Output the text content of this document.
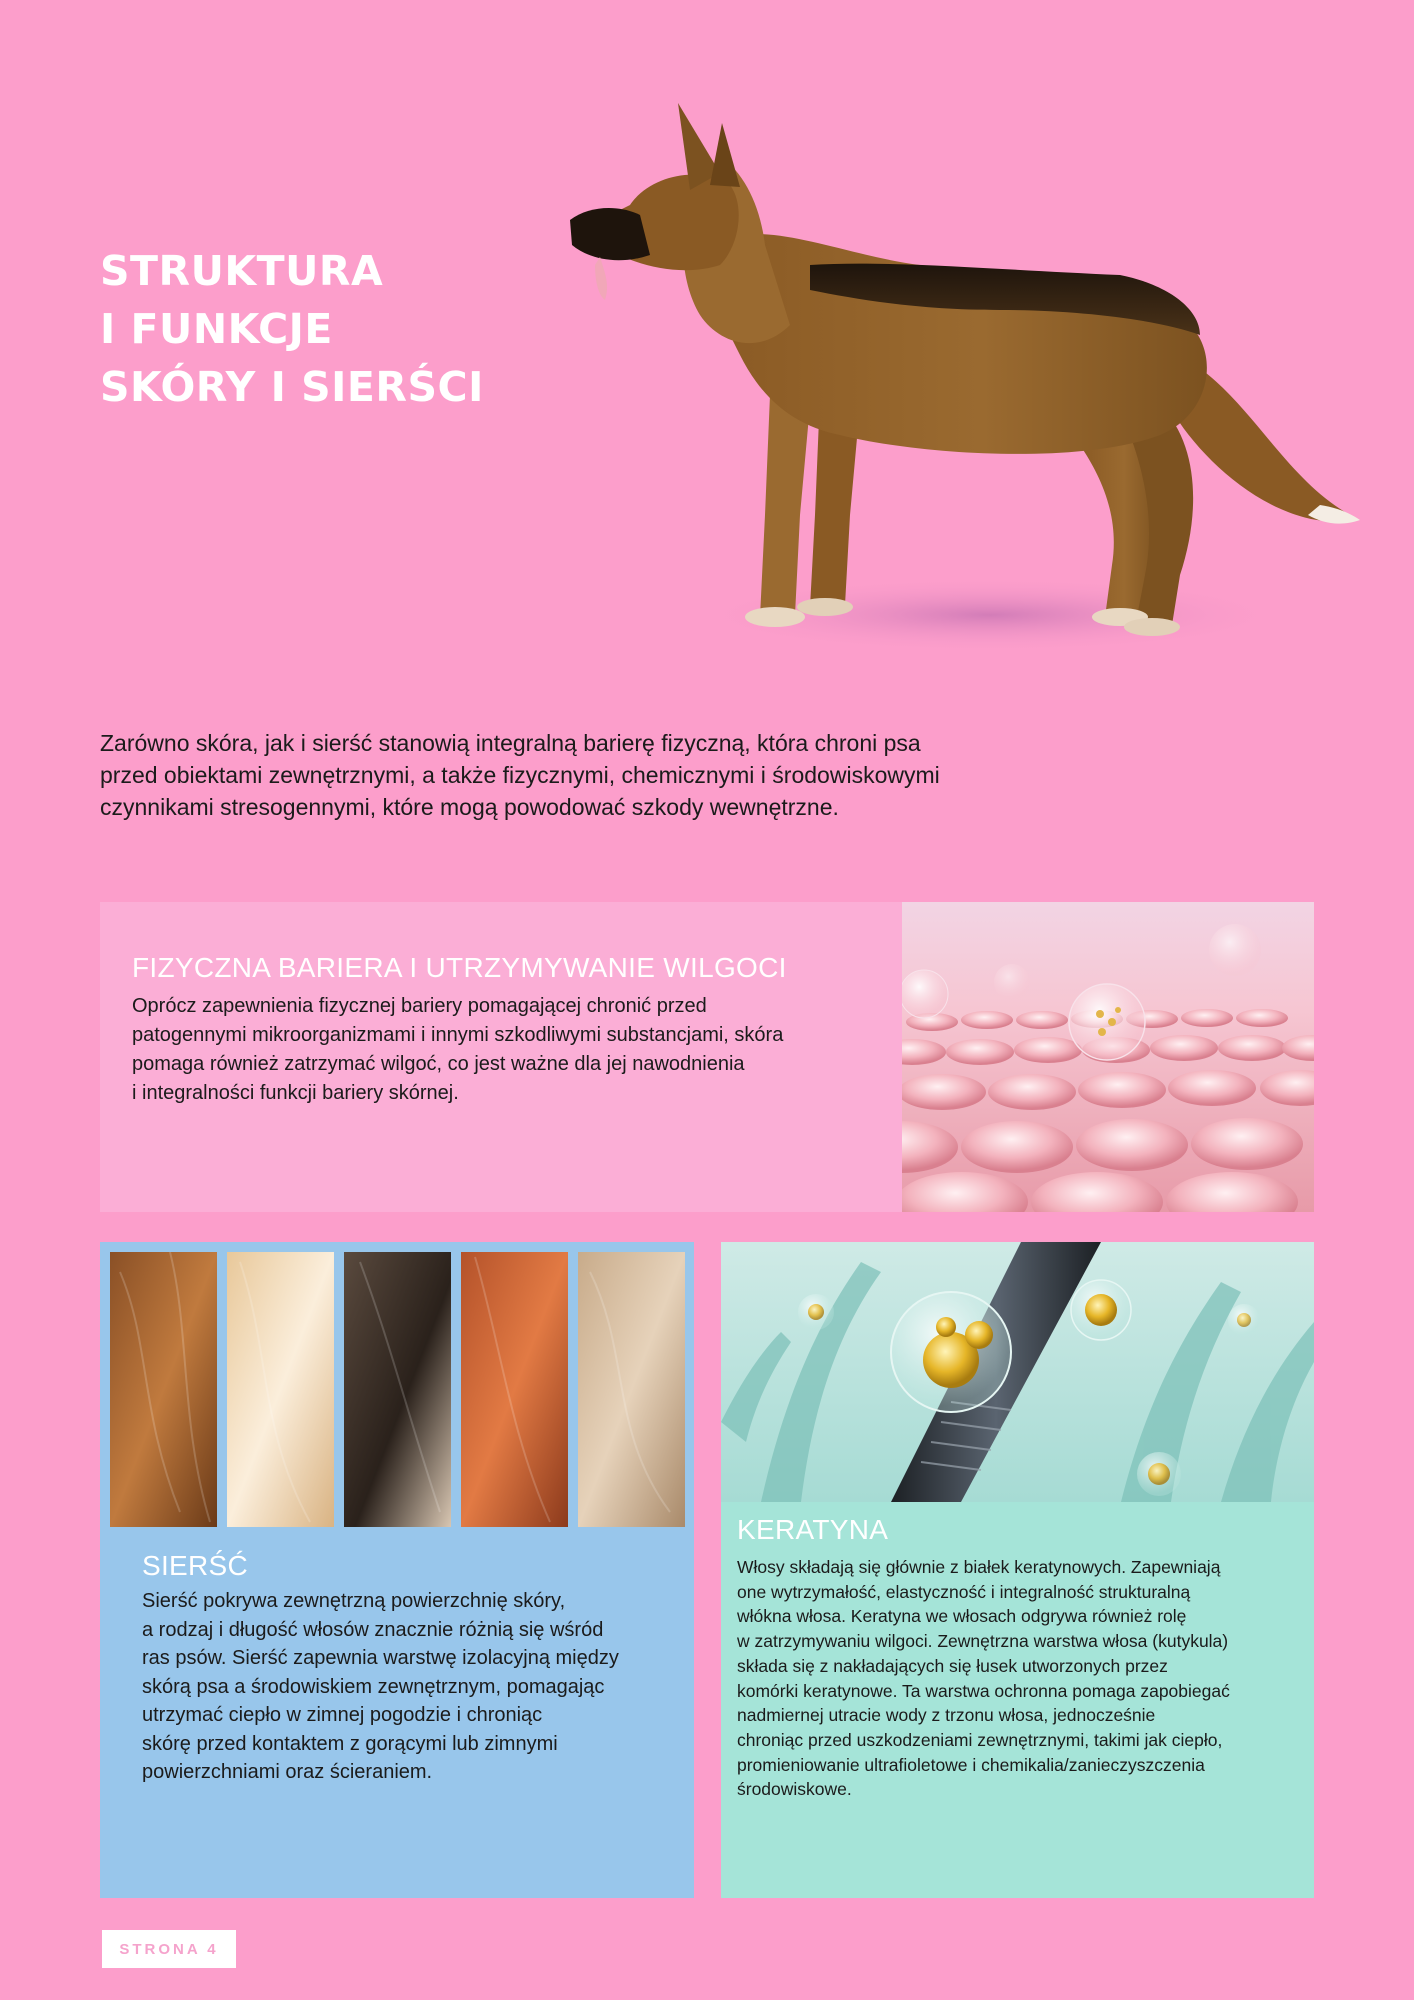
STRUKTURA
I FUNKCJE
SKÓRY I SIERŚCI

Zarówno skóra, jak i sierść stanowią integralną barierę fizyczną, która chroni psa
przed obiektami zewnętrznymi, a także fizycznymi, chemicznymi i środowiskowymi
czynnikami stresogennymi, które mogą powodować szkody wewnętrzne.

FIZYCZNA BARIERA I UTRZYMYWANIE WILGOCI

Oprócz zapewnienia fizycznej bariery pomagającej chronić przed
patogennymi mikroorganizmami i innymi szkodliwymi substancjami, skóra
pomaga również zatrzymać wilgoć, co jest ważne dla jej nawodnienia
i integralności funkcji bariery skórnej.

SIERŚĆ

Sierść pokrywa zewnętrzną powierzchnię skóry,
a rodzaj i długość włosów znacznie różnią się wśród
ras psów. Sierść zapewnia warstwę izolacyjną między
skórą psa a środowiskiem zewnętrznym, pomagając
utrzymać ciepło w zimnej pogodzie i chroniąc
skórę przed kontaktem z gorącymi lub zimnymi
powierzchniami oraz ścieraniem.

KERATYNA

Włosy składają się głównie z białek keratynowych. Zapewniają
one wytrzymałość, elastyczność i integralność strukturalną
włókna włosa. Keratyna we włosach odgrywa również rolę
w zatrzymywaniu wilgoci. Zewnętrzna warstwa włosa (kutykula)
składa się z nakładających się łusek utworzonych przez
komórki keratynowe. Ta warstwa ochronna pomaga zapobiegać
nadmiernej utracie wody z trzonu włosa, jednocześnie
chroniąc przed uszkodzeniami zewnętrznymi, takimi jak ciepło,
promieniowanie ultrafioletowe i chemikalia/zanieczyszczenia
środowiskowe.

STRONA 4
